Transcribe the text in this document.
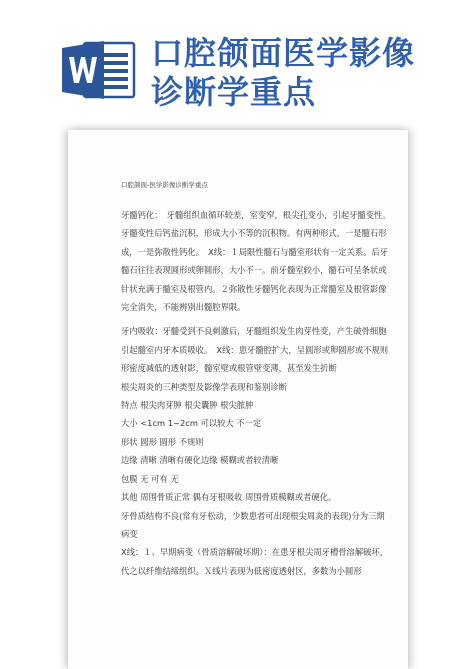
口腔颌面医学影像
诊断学重点
口腔颌面-医学影像诊断学重点

牙髓钙化：　牙髓组织血循环较差，室变窄，根尖孔变小，引起牙髓变性。牙髓变性后钙盐沉积，形成大小不等的沉积物。有两种形式，一是髓石形成，一是弥散性钙化。　X线：１局限性髓石与髓室形状有一定关系。后牙髓石往往表现圆形或卵圆形，大小不一。前牙髓室较小，髓石可呈条状或针状充满于髓室及根管内。２弥散性牙髓钙化表现为正常髓室及根管影像完全消失，不能辨别出髓腔界限。

牙内吸收：牙髓受到不良刺激后，牙髓组织发生肉芽性变，产生破骨细胞引起髓室内牙本质吸收。　X线：患牙髓腔扩大，呈圆形或卵圆形或不规则形密度减低的透射影，髓室壁或根管壁变薄，甚至发生折断

根尖周炎的三种类型及影像学表现和鉴别诊断
特点 根尖肉芽肿 根尖囊肿 根尖脓肿
大小 <1cm 1~2cm 可以较大 不一定
形状 圆形 圆形 不规则
边缘 清晰 清晰有硬化边缘 模糊或者较清晰
包膜 无 可有 无
其他 周围骨质正常 偶有牙根吸收 周围骨质模糊或者硬化。

牙骨质结构不良(常有牙松动，少数患者可出现根尖周炎的表现)分为三期病变

X线：１、早期病变（骨质溶解破坏期）：在患牙根尖周牙槽骨溶解破坏，代之以纤维结缔组织。Ｘ线片表现为低密度透射区，多数为小圆形
